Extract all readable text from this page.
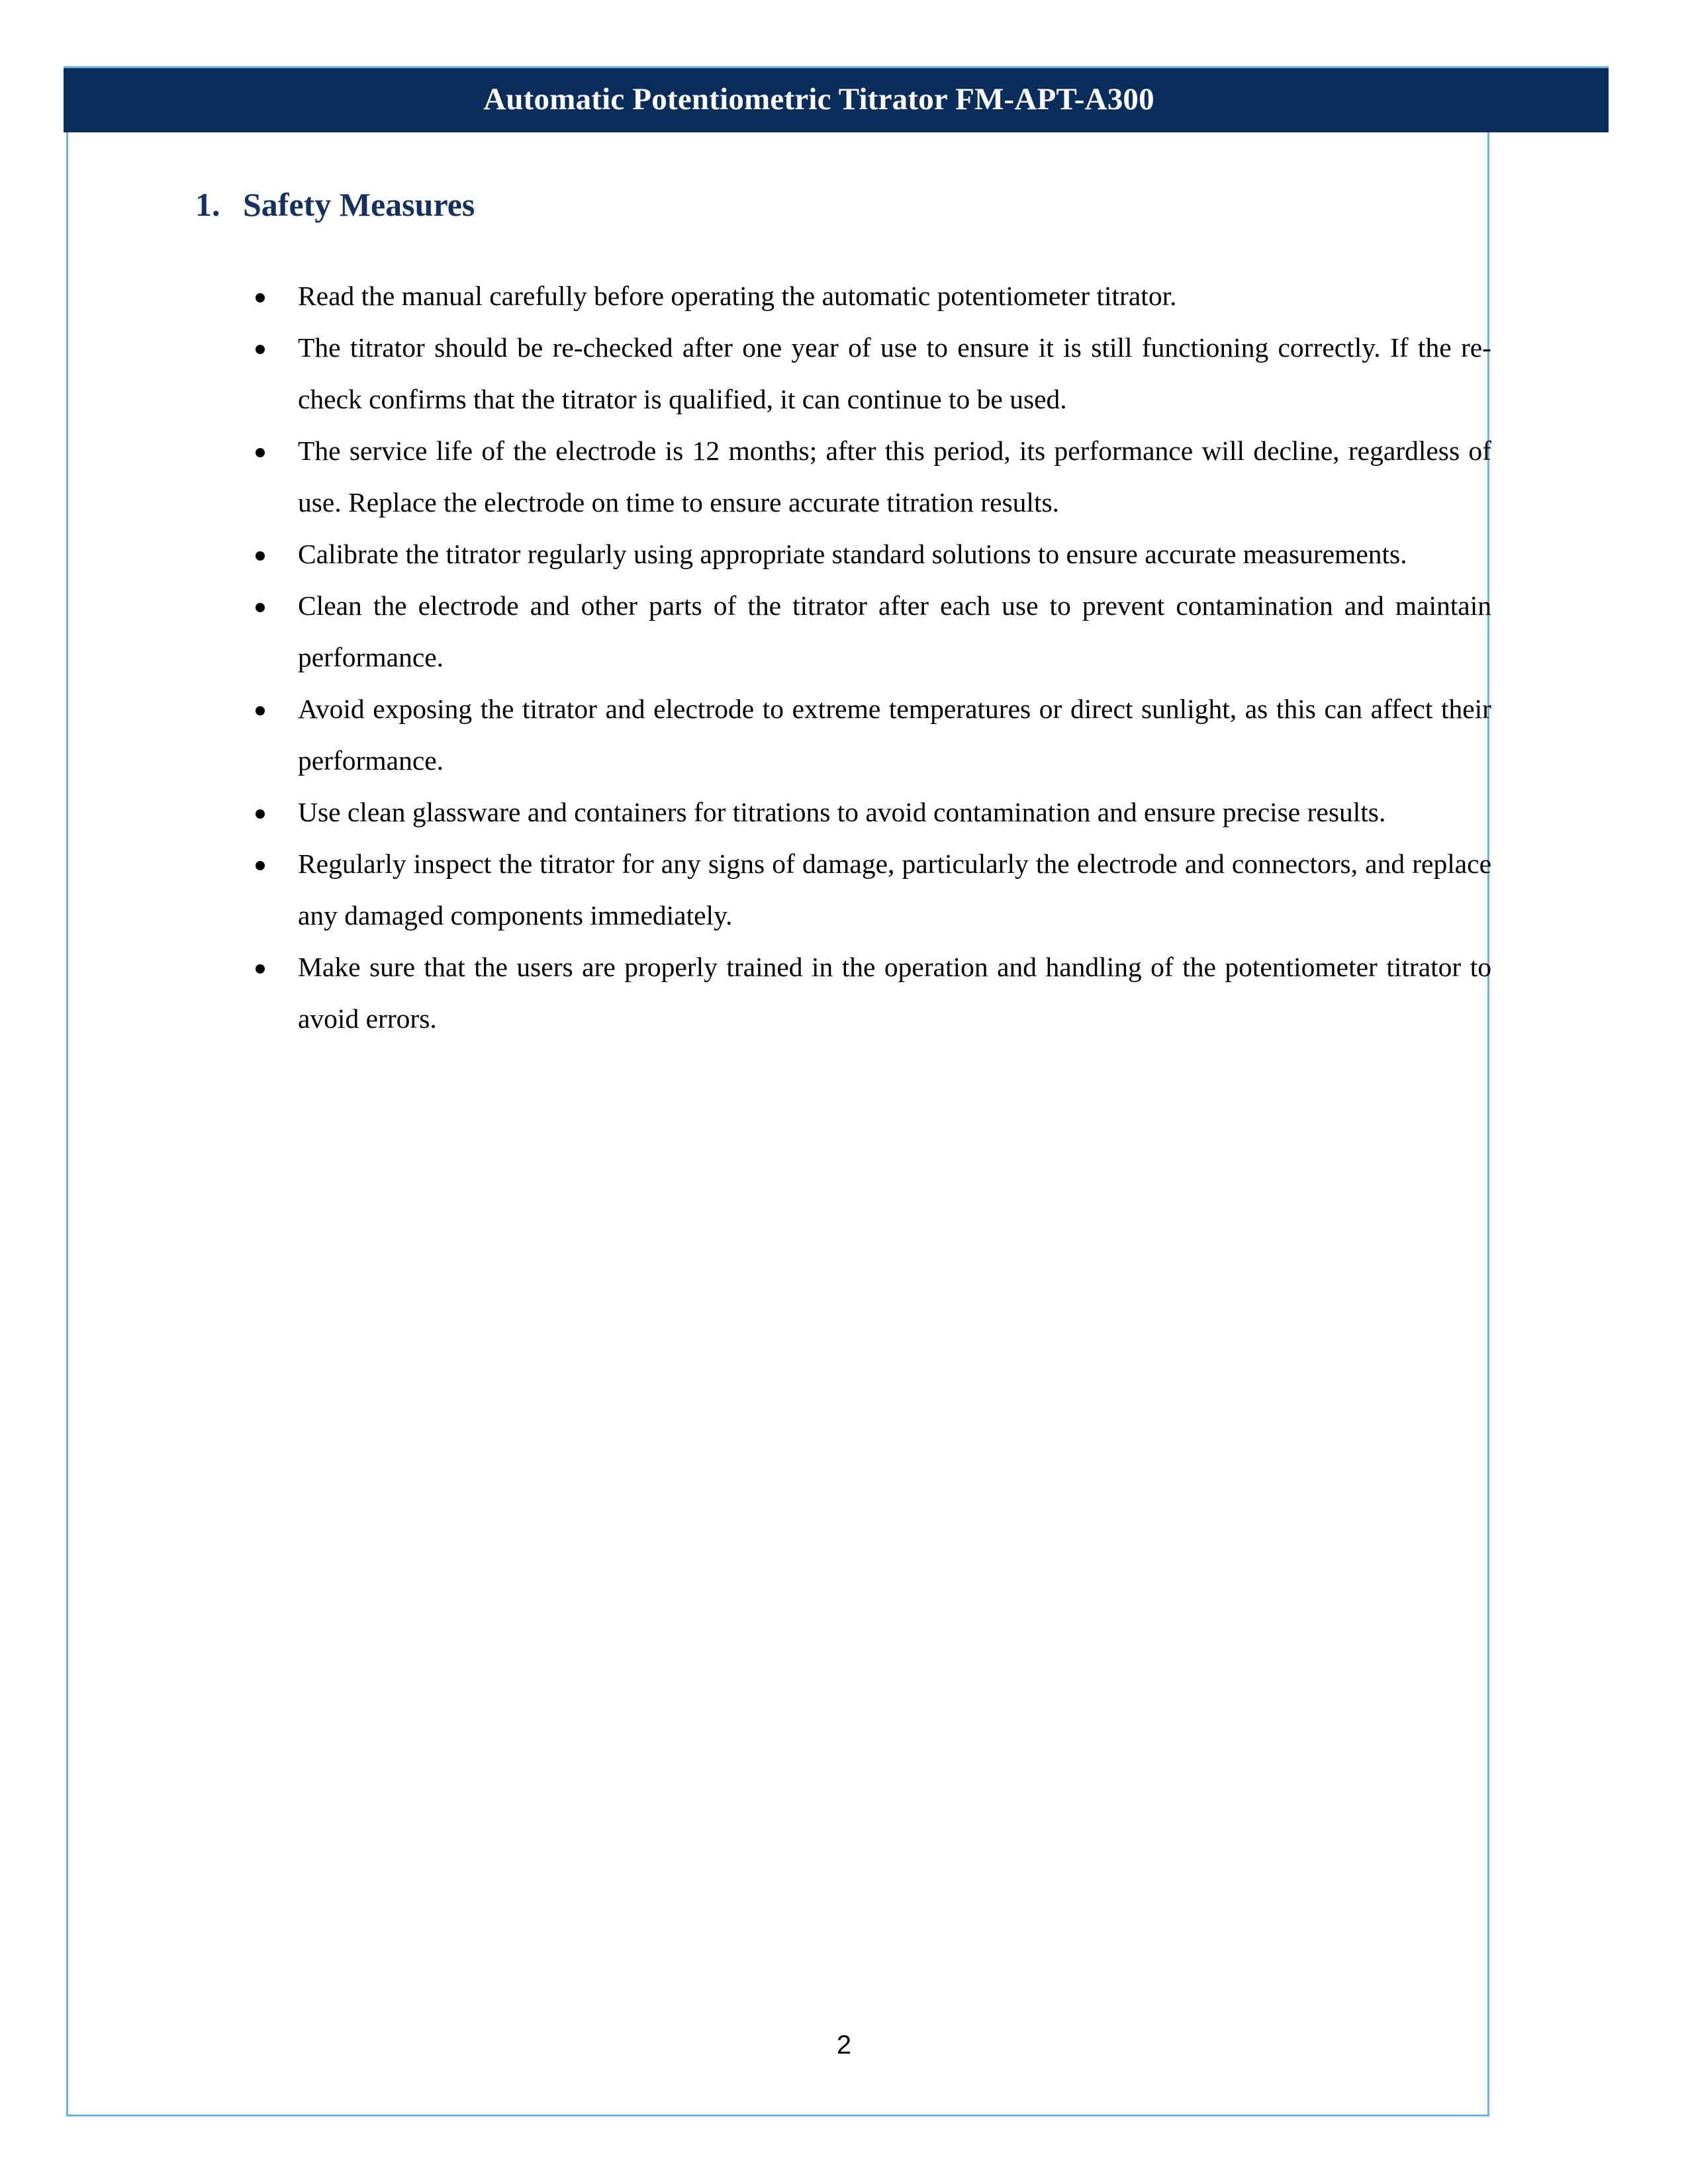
Automatic Potentiometric Titrator FM-APT-A300
1. Safety Measures
Read the manual carefully before operating the automatic potentiometer titrator.
The titrator should be re-checked after one year of use to ensure it is still functioning correctly. If the re-check confirms that the titrator is qualified, it can continue to be used.
The service life of the electrode is 12 months; after this period, its performance will decline, regardless of use. Replace the electrode on time to ensure accurate titration results.
Calibrate the titrator regularly using appropriate standard solutions to ensure accurate measurements.
Clean the electrode and other parts of the titrator after each use to prevent contamination and maintain performance.
Avoid exposing the titrator and electrode to extreme temperatures or direct sunlight, as this can affect their performance.
Use clean glassware and containers for titrations to avoid contamination and ensure precise results.
Regularly inspect the titrator for any signs of damage, particularly the electrode and connectors, and replace any damaged components immediately.
Make sure that the users are properly trained in the operation and handling of the potentiometer titrator to avoid errors.
2
